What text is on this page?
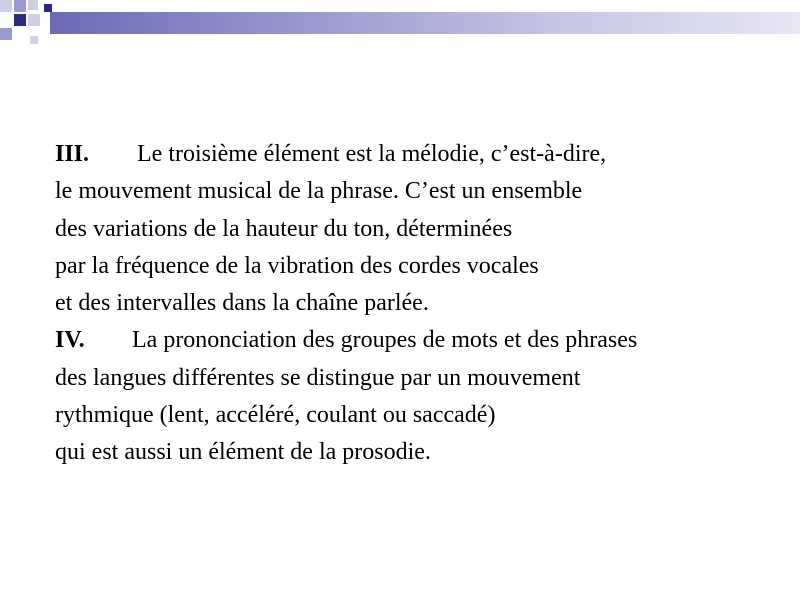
III. Le troisième élément est la mélodie, c’est-à-dire,
le mouvement musical de la phrase. C’est un ensemble
des variations de la hauteur du ton, déterminées
par la fréquence de la vibration des cordes vocales
et des intervalles dans la chaîne parlée.
IV. La prononciation des groupes de mots et des phrases
des langues différentes se distingue par un mouvement
rythmique (lent, accéléré, coulant ou saccadé)
qui est aussi un élément de la prosodie.
